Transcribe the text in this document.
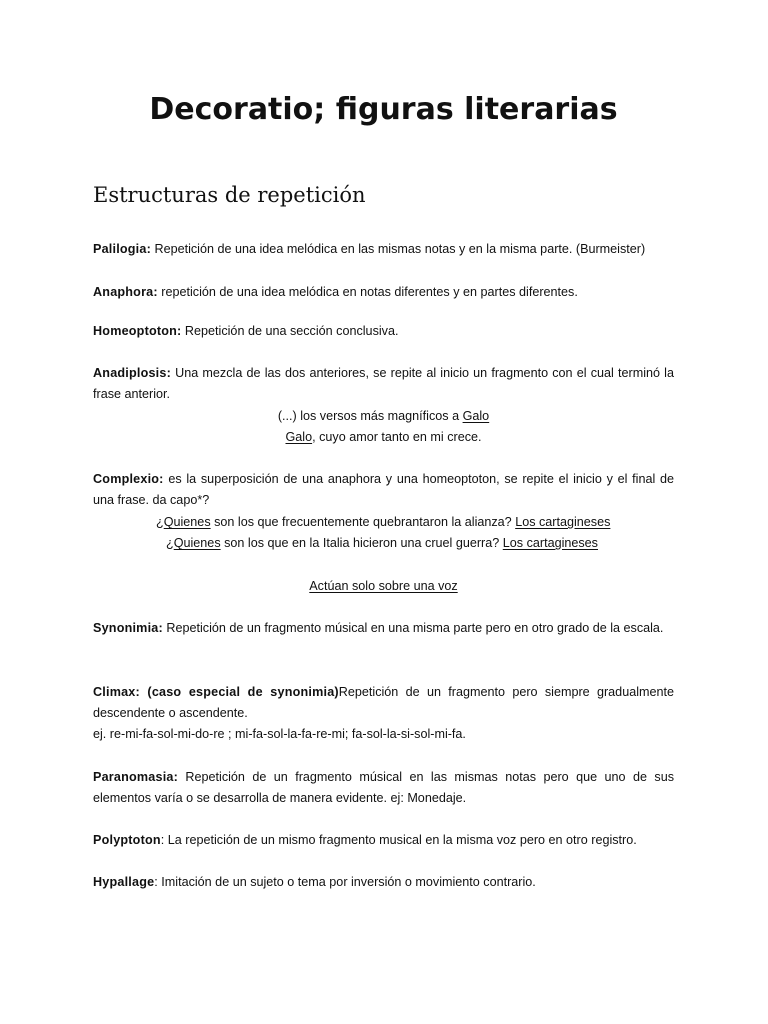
Decoratio; figuras literarias
Estructuras de repetición

Palilogia: Repetición de una idea melódica en las mismas notas y en la misma parte. (Burmeister)

Anaphora: repetición de una idea melódica en notas diferentes y en partes diferentes.

Homeoptoton: Repetición de una sección conclusiva.

Anadiplosis: Una mezcla de las dos anteriores, se repite al inicio un fragmento con el cual terminó la frase anterior.

(...) los versos más magníficos a Galo

Galo, cuyo amor tanto en mi crece.

Complexio: es la superposición de una anaphora y una homeoptoton, se repite el inicio y el final de una frase. da capo*?

¿Quienes son los que frecuentemente quebrantaron la alianza? Los cartagineses

¿Quienes son los que en la Italia hicieron una cruel guerra? Los cartagineses

Actúan solo sobre una voz

Synonimia: Repetición de un fragmento músical en una misma parte pero en otro grado de la escala.

Climax: (caso especial de synonimia)Repetición de un fragmento pero siempre gradualmente descendente o ascendente.

ej. re-mi-fa-sol-mi-do-re ; mi-fa-sol-la-fa-re-mi; fa-sol-la-si-sol-mi-fa.

Paranomasia: Repetición de un fragmento músical en las mismas notas pero que uno de sus elementos varía o se desarrolla de manera evidente. ej: Monedaje.

Polyptoton: La repetición de un mismo fragmento musical en la misma voz pero en otro registro.

Hypallage: Imitación de un sujeto o tema por inversión o movimiento contrario.
